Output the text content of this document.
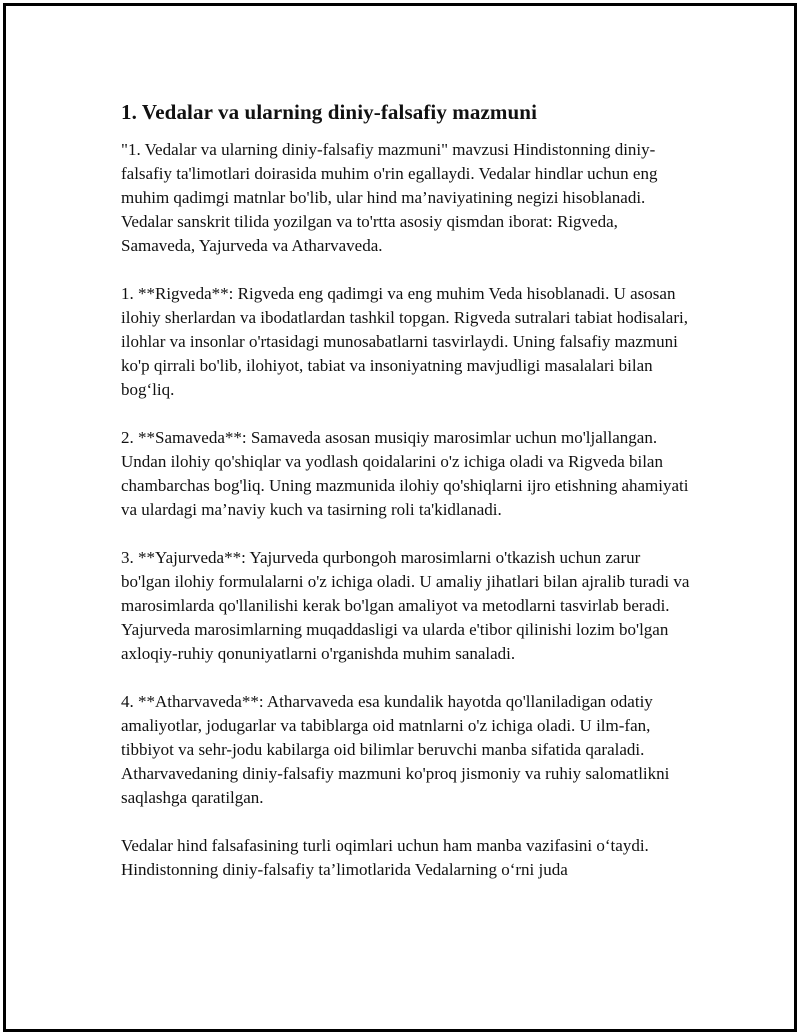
1. Vedalar va ularning diniy-falsafiy mazmuni

"1. Vedalar va ularning diniy-falsafiy mazmuni" mavzusi Hindistonning diniy-falsafiy ta'limotlari doirasida muhim o'rin egallaydi. Vedalar hindlar uchun eng muhim qadimgi matnlar bo'lib, ular hind ma’naviyatining negizi hisoblanadi. Vedalar sanskrit tilida yozilgan va to'rtta asosiy qismdan iborat: Rigveda, Samaveda, Yajurveda va Atharvaveda.

1. **Rigveda**: Rigveda eng qadimgi va eng muhim Veda hisoblanadi. U asosan ilohiy sherlardan va ibodatlardan tashkil topgan. Rigveda sutralari tabiat hodisalari, ilohlar va insonlar o'rtasidagi munosabatlarni tasvirlaydi. Uning falsafiy mazmuni ko'p qirrali bo'lib, ilohiyot, tabiat va insoniyatning mavjudligi masalalari bilan bog‘liq.

2. **Samaveda**: Samaveda asosan musiqiy marosimlar uchun mo'ljallangan. Undan ilohiy qo'shiqlar va yodlash qoidalarini o'z ichiga oladi va Rigveda bilan chambarchas bog'liq. Uning mazmunida ilohiy qo'shiqlarni ijro etishning ahamiyati va ulardagi ma’naviy kuch va tasirning roli ta'kidlanadi.

3. **Yajurveda**: Yajurveda qurbongoh marosimlarni o'tkazish uchun zarur bo'lgan ilohiy formulalarni o'z ichiga oladi. U amaliy jihatlari bilan ajralib turadi va marosimlarda qo'llanilishi kerak bo'lgan amaliyot va metodlarni tasvirlab beradi. Yajurveda marosimlarning muqaddasligi va ularda e'tibor qilinishi lozim bo'lgan axloqiy-ruhiy qonuniyatlarni o'rganishda muhim sanaladi.

4. **Atharvaveda**: Atharvaveda esa kundalik hayotda qo'llaniladigan odatiy amaliyotlar, jodugarlar va tabiblarga oid matnlarni o'z ichiga oladi. U ilm-fan, tibbiyot va sehr-jodu kabilarga oid bilimlar beruvchi manba sifatida qaraladi. Atharvavedaning diniy-falsafiy mazmuni ko'proq jismoniy va ruhiy salomatlikni saqlashga qaratilgan.

Vedalar hind falsafasining turli oqimlari uchun ham manba vazifasini o‘taydi. Hindistonning diniy-falsafiy ta’limotlarida Vedalarning o‘rni juda
